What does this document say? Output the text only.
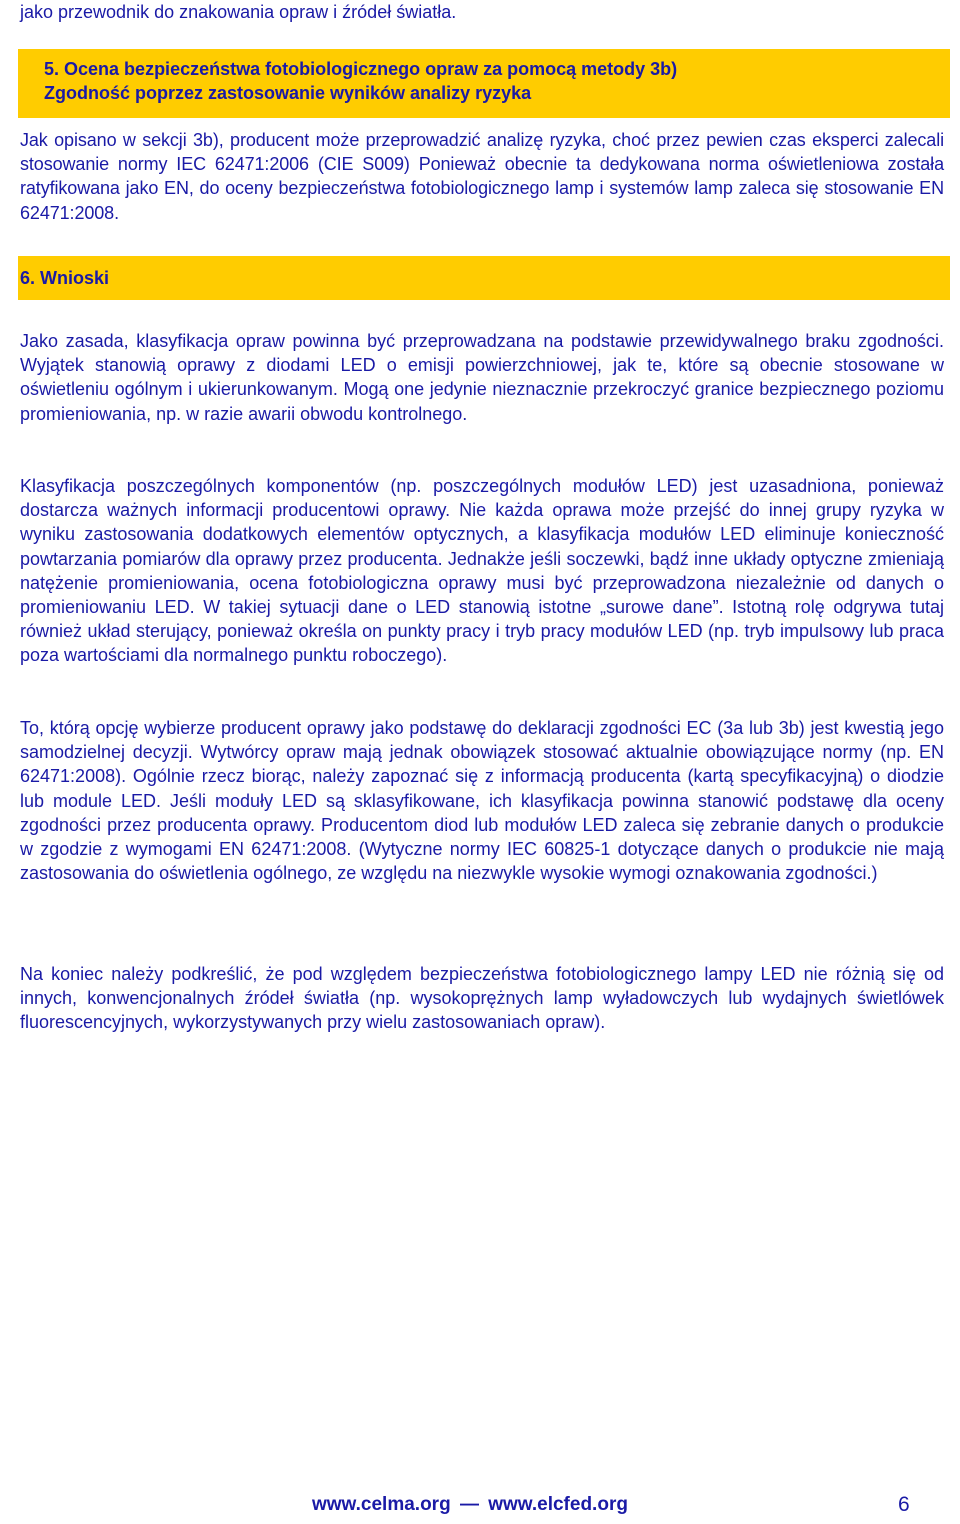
jako przewodnik do znakowania opraw i źródeł światła.
5. Ocena bezpieczeństwa fotobiologicznego opraw za pomocą metody 3b)
Zgodność poprzez zastosowanie wyników analizy ryzyka

Jak opisano w sekcji 3b), producent może przeprowadzić analizę ryzyka, choć przez pewien czas eksperci zalecali stosowanie normy IEC 62471:2006 (CIE S009) Ponieważ obecnie ta dedykowana norma oświetleniowa została ratyfikowana jako EN, do oceny bezpieczeństwa fotobiologicznego lamp i systemów lamp zaleca się stosowanie EN 62471:2008.

6. Wnioski

Jako zasada, klasyfikacja opraw powinna być przeprowadzana na podstawie przewidywalnego braku zgodności. Wyjątek stanowią oprawy z diodami LED o emisji powierzchniowej, jak te, które są obecnie stosowane w oświetleniu ogólnym i ukierunkowanym. Mogą one jedynie nieznacznie przekroczyć granice bezpiecznego poziomu promieniowania, np. w razie awarii obwodu kontrolnego.

Klasyfikacja poszczególnych komponentów (np. poszczególnych modułów LED) jest uzasadniona, ponieważ dostarcza ważnych informacji producentowi oprawy. Nie każda oprawa może przejść do innej grupy ryzyka w wyniku zastosowania dodatkowych elementów optycznych, a klasyfikacja modułów LED eliminuje konieczność powtarzania pomiarów dla oprawy przez producenta. Jednakże jeśli soczewki, bądź inne układy optyczne zmieniają natężenie promieniowania, ocena fotobiologiczna oprawy musi być przeprowadzona niezależnie od danych o promieniowaniu LED. W takiej sytuacji dane o LED stanowią istotne „surowe dane”. Istotną rolę odgrywa tutaj również układ sterujący, ponieważ określa on punkty pracy i tryb pracy modułów LED (np. tryb impulsowy lub praca poza wartościami dla normalnego punktu roboczego).

To, którą opcję wybierze producent oprawy jako podstawę do deklaracji zgodności EC (3a lub 3b) jest kwestią jego samodzielnej decyzji. Wytwórcy opraw mają jednak obowiązek stosować aktualnie obowiązujące normy (np. EN 62471:2008). Ogólnie rzecz biorąc, należy zapoznać się z informacją producenta (kartą specyfikacyjną) o diodzie lub module LED. Jeśli moduły LED są sklasyfikowane, ich klasyfikacja powinna stanowić podstawę dla oceny zgodności przez producenta oprawy. Producentom diod lub modułów LED zaleca się zebranie danych o produkcie w zgodzie z wymogami EN 62471:2008. (Wytyczne normy IEC 60825-1 dotyczące danych o produkcie nie mają zastosowania do oświetlenia ogólnego, ze względu na niezwykle wysokie wymogi oznakowania zgodności.)

Na koniec należy podkreślić, że pod względem bezpieczeństwa fotobiologicznego lampy LED nie różnią się od innych, konwencjonalnych źródeł światła (np. wysokoprężnych lamp wyładowczych lub wydajnych świetlówek fluorescencyjnych, wykorzystywanych przy wielu zastosowaniach opraw).

www.celma.org — www.elcfed.org	6
